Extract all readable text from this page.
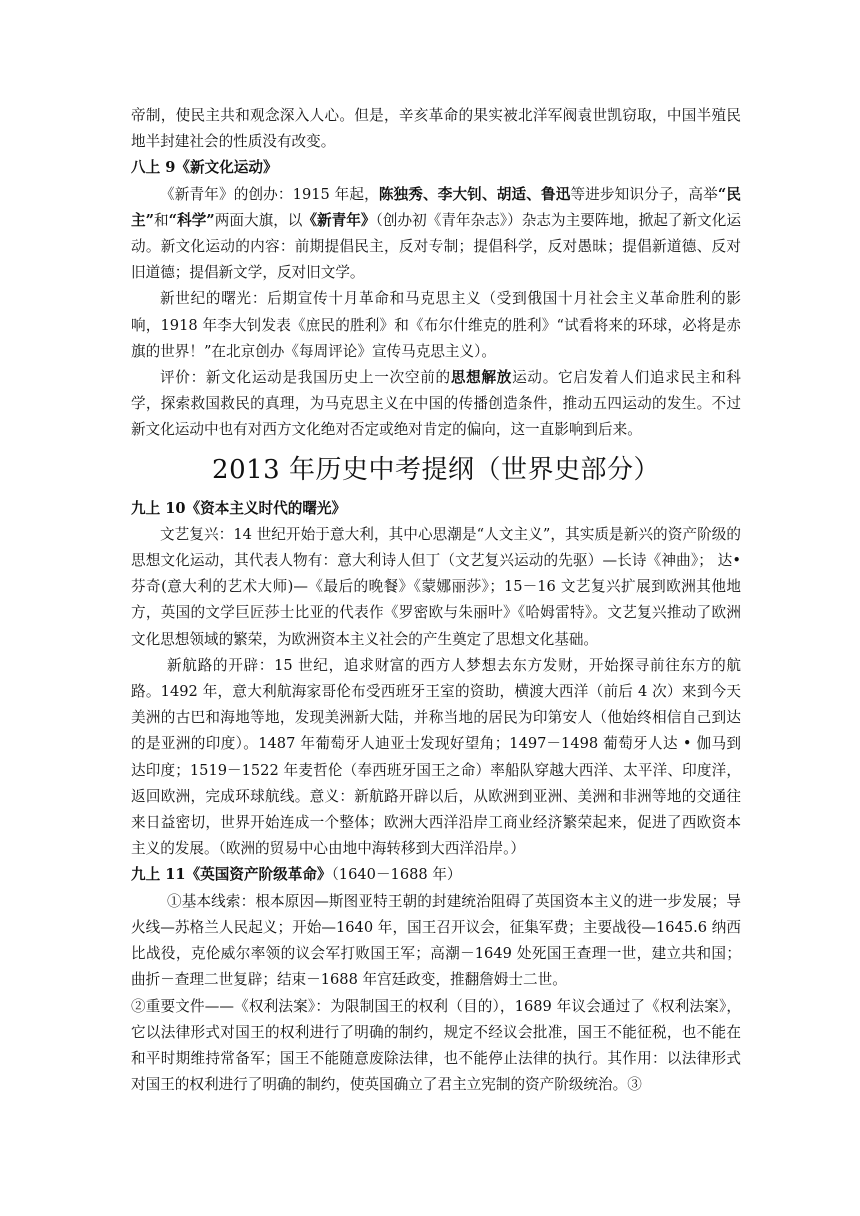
帝制，使民主共和观念深入人心。但是，辛亥革命的果实被北洋军阀袁世凯窃取，中国半殖民地半封建社会的性质没有改变。

八上 9《新文化运动》

《新青年》的创办：1915 年起，陈独秀、李大钊、胡适、鲁迅等进步知识分子，高举“民主”和“科学”两面大旗，以《新青年》（创办初《青年杂志》）杂志为主要阵地，掀起了新文化运动。新文化运动的内容：前期提倡民主，反对专制；提倡科学，反对愚昧；提倡新道德、反对旧道德；提倡新文学，反对旧文学。

新世纪的曙光：后期宣传十月革命和马克思主义（受到俄国十月社会主义革命胜利的影响，1918 年李大钊发表《庶民的胜利》和《布尔什维克的胜利》“试看将来的环球，必将是赤旗的世界！”在北京创办《每周评论》宣传马克思主义）。

评价：新文化运动是我国历史上一次空前的思想解放运动。它启发着人们追求民主和科学，探索救国救民的真理，为马克思主义在中国的传播创造条件，推动五四运动的发生。不过新文化运动中也有对西方文化绝对否定或绝对肯定的偏向，这一直影响到后来。

2013 年历史中考提纲（世界史部分）

九上 10《资本主义时代的曙光》

文艺复兴：14 世纪开始于意大利，其中心思潮是“人文主义”，其实质是新兴的资产阶级的思想文化运动，其代表人物有：意大利诗人但丁（文艺复兴运动的先驱）—长诗《神曲》； 达•芬奇(意大利的艺术大师)—《最后的晚餐》《蒙娜丽莎》；15－16 文艺复兴扩展到欧洲其他地方，英国的文学巨匠莎士比亚的代表作《罗密欧与朱丽叶》《哈姆雷特》。文艺复兴推动了欧洲文化思想领域的繁荣，为欧洲资本主义社会的产生奠定了思想文化基础。

新航路的开辟：15 世纪，追求财富的西方人梦想去东方发财，开始探寻前往东方的航路。1492 年，意大利航海家哥伦布受西班牙王室的资助，横渡大西洋（前后 4 次）来到今天美洲的古巴和海地等地，发现美洲新大陆，并称当地的居民为印第安人（他始终相信自己到达的是亚洲的印度）。1487 年葡萄牙人迪亚士发现好望角；1497－1498 葡萄牙人达 • 伽马到达印度；1519－1522 年麦哲伦（奉西班牙国王之命）率船队穿越大西洋、太平洋、印度洋，返回欧洲，完成环球航线。意义：新航路开辟以后，从欧洲到亚洲、美洲和非洲等地的交通往来日益密切，世界开始连成一个整体；欧洲大西洋沿岸工商业经济繁荣起来，促进了西欧资本主义的发展。（欧洲的贸易中心由地中海转移到大西洋沿岸。）

九上 11《英国资产阶级革命》（1640－1688 年）

①基本线索：根本原因—斯图亚特王朝的封建统治阻碍了英国资本主义的进一步发展；导火线—苏格兰人民起义；开始—1640 年，国王召开议会，征集军费；主要战役—1645.6 纳西比战役，克伦威尔率领的议会军打败国王军；高潮－1649 处死国王查理一世，建立共和国；曲折－查理二世复辟；结束－1688 年宫廷政变，推翻詹姆士二世。

②重要文件——《权利法案》：为限制国王的权利（目的），1689 年议会通过了《权利法案》，它以法律形式对国王的权利进行了明确的制约，规定不经议会批准，国王不能征税，也不能在和平时期维持常备军；国王不能随意废除法律，也不能停止法律的执行。其作用：以法律形式对国王的权利进行了明确的制约，使英国确立了君主立宪制的资产阶级统治。③
